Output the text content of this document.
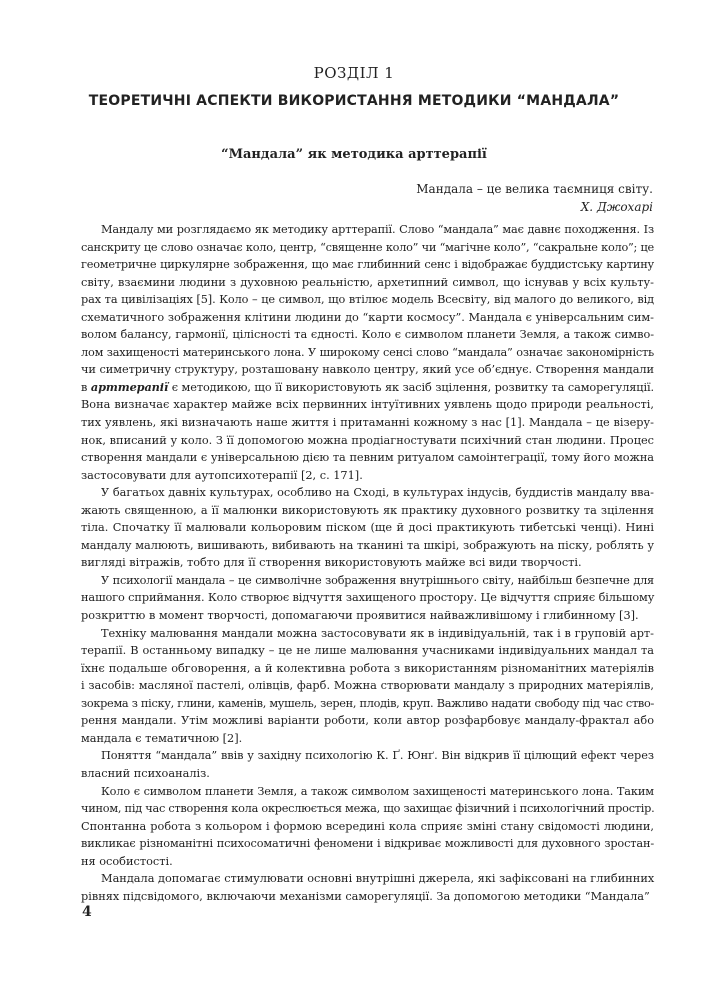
РОЗДІЛ 1
ТЕОРЕТИЧНІ АСПЕКТИ ВИКОРИСТАННЯ МЕТОДИКИ “МАНДАЛА”
“Мандала” як методика арттерапії
Мандала – це велика таємниця світу.
Х. Джохарі
Мандалу ми розглядаємо як методику арттерапії. Слово “мандала” має давнє походження. Із
санскриту це слово означає коло, центр, “священне коло” чи “магічне коло”, “сакральне коло”; це
геометричне циркулярне зображення, що має глибинний сенс і відображає буддистську картину
світу, взаємини людини з духовною реальністю, архетипний символ, що існував у всіх культу-
рах та цивілізаціях [5]. Коло – це символ, що втілює модель Всесвіту, від малого до великого, від
схематичного зображення клітини людини до “карти космосу”. Мандала є універсальним сим-
волом балансу, гармонії, цілісності та єдності. Коло є символом планети Земля, а також симво-
лом захищеності материнського лона. У широкому сенсі слово “мандала” означає закономірність
чи симетричну структуру, розташовану навколо центру, який усе об’єднує. Створення мандали
в арттерапії є методикою, що її використовують як засіб зцілення, розвитку та саморегуляції.
Вона визначає характер майже всіх первинних інтуїтивних уявлень щодо природи реальності,
тих уявлень, які визначають наше життя і притаманні кожному з нас [1]. Мандала – це візеру-
нок, вписаний у коло. З її допомогою можна продіагностувати психічний стан людини. Процес
створення мандали є універсальною дією та певним ритуалом самоінтеграції, тому його можна
застосовувати для аутопсихотерапії [2, с. 171].
У багатьох давніх культурах, особливо на Сході, в культурах індусів, буддистів мандалу вва-
жають священною, а її малюнки використовують як практику духовного розвитку та зцілення
тіла. Спочатку її малювали кольоровим піском (ще й досі практикують тибетські ченці). Нині
мандалу малюють, вишивають, вибивають на тканині та шкірі, зображують на піску, роблять у
вигляді вітражів, тобто для її створення використовують майже всі види творчості.
У психології мандала – це символічне зображення внутрішнього світу, найбільш безпечне для
нашого сприймання. Коло створює відчуття захищеного простору. Це відчуття сприяє більшому
розкриттю в момент творчості, допомагаючи проявитися найважливішому і глибинному [3].
Техніку малювання мандали можна застосовувати як в індивідуальній, так і в груповій арт-
терапії. В останньому випадку – це не лише малювання учасниками індивідуальних мандал та
їхнє подальше обговорення, а й колективна робота з використанням різноманітних матеріялів
і засобів: масляної пастелі, олівців, фарб. Можна створювати мандалу з природних матеріялів,
зокрема з піску, глини, каменів, мушель, зерен, плодів, круп. Важливо надати свободу під час ство-
рення мандали. Утім можливі варіанти роботи, коли автор розфарбовує мандалу-фрактал або
мандала є тематичною [2].
Поняття “мандала” ввів у західну психологію К. Ґ. Юнґ. Він відкрив її цілющий ефект через
власний психоаналіз.
Коло є символом планети Земля, а також символом захищеності материнського лона. Таким
чином, під час створення кола окреслюється межа, що захищає фізичний і психологічний простір.
Спонтанна робота з кольором і формою всередині кола сприяє зміні стану свідомості людини,
викликає різноманітні психосоматичні феномени і відкриває можливості для духовного зростан-
ня особистості.
Мандала допомагає стимулювати основні внутрішні джерела, які зафіксовані на глибинних
рівнях підсвідомого, включаючи механізми саморегуляції. За допомогою методики “Мандала”
4
